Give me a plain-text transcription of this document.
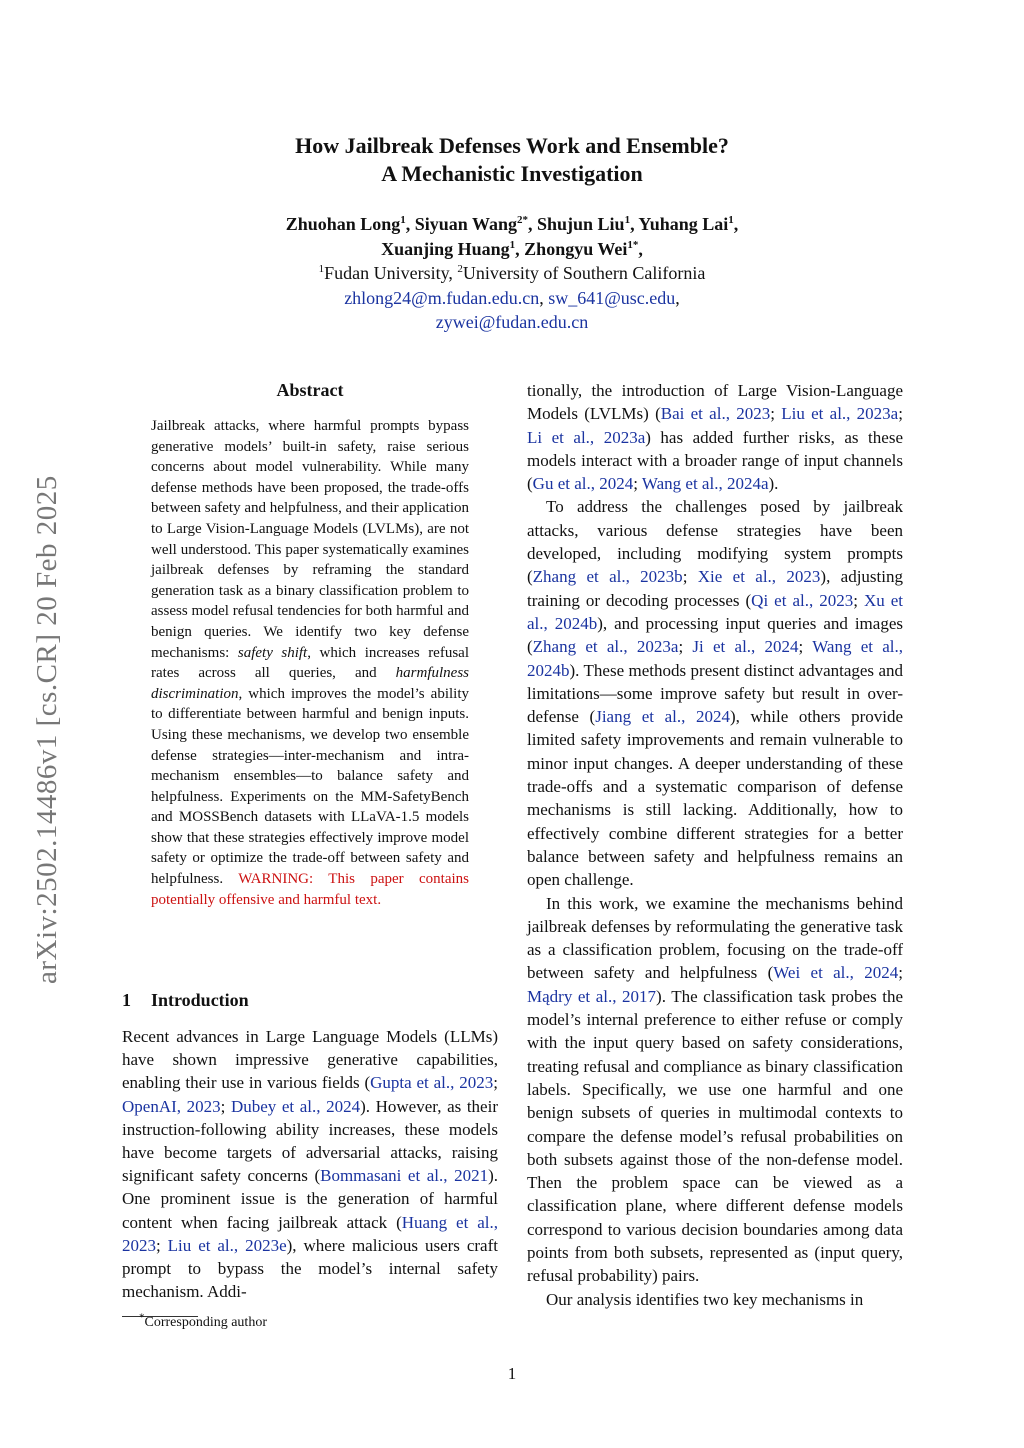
arXiv:2502.14486v1 [cs.CR] 20 Feb 2025
How Jailbreak Defenses Work and Ensemble?
A Mechanistic Investigation
Zhuohan Long$^1$, Siyuan Wang$^{2*}$, Shujun Liu$^1$, Yuhang Lai$^1$,
Xuanjing Huang$^1$, Zhongyu Wei$^{1*}$,
$^1$Fudan University, $^2$University of Southern California
zhlong24@m.fudan.edu.cn, sw_641@usc.edu,
zywei@fudan.edu.cn
Abstract

Jailbreak attacks, where harmful prompts bypass generative models’ built-in safety, raise serious concerns about model vulnerability. While many defense methods have been proposed, the trade-offs between safety and helpfulness, and their application to Large Vision-Language Models (LVLMs), are not well understood. This paper systematically examines jailbreak defenses by reframing the standard generation task as a binary classification problem to assess model refusal tendencies for both harmful and benign queries. We identify two key defense mechanisms: safety shift, which increases refusal rates across all queries, and harmfulness discrimination, which improves the model’s ability to differentiate between harmful and benign inputs. Using these mechanisms, we develop two ensemble defense strategies—inter-mechanism and intra-mechanism ensembles—to balance safety and helpfulness. Experiments on the MM-SafetyBench and MOSSBench datasets with LLaVA-1.5 models show that these strategies effectively improve model safety or optimize the trade-off between safety and helpfulness. WARNING: This paper contains potentially offensive and harmful text.

1 Introduction

Recent advances in Large Language Models (LLMs) have shown impressive generative capabilities, enabling their use in various fields (Gupta et al., 2023; OpenAI, 2023; Dubey et al., 2024). However, as their instruction-following ability increases, these models have become targets of adversarial attacks, raising significant safety concerns (Bommasani et al., 2021). One prominent issue is the generation of harmful content when facing jailbreak attack (Huang et al., 2023; Liu et al., 2023e), where malicious users craft prompt to bypass the model’s internal safety mechanism. Addi-

tionally, the introduction of Large Vision-Language Models (LVLMs) (Bai et al., 2023; Liu et al., 2023a; Li et al., 2023a) has added further risks, as these models interact with a broader range of input channels (Gu et al., 2024; Wang et al., 2024a).

To address the challenges posed by jailbreak attacks, various defense strategies have been developed, including modifying system prompts (Zhang et al., 2023b; Xie et al., 2023), adjusting training or decoding processes (Qi et al., 2023; Xu et al., 2024b), and processing input queries and images (Zhang et al., 2023a; Ji et al., 2024; Wang et al., 2024b). These methods present distinct advantages and limitations—some improve safety but result in over-defense (Jiang et al., 2024), while others provide limited safety improvements and remain vulnerable to minor input changes. A deeper understanding of these trade-offs and a systematic comparison of defense mechanisms is still lacking. Additionally, how to effectively combine different strategies for a better balance between safety and helpfulness remains an open challenge.

In this work, we examine the mechanisms behind jailbreak defenses by reformulating the generative task as a classification problem, focusing on the trade-off between safety and helpfulness (Wei et al., 2024; Mądry et al., 2017). The classification task probes the model’s internal preference to either refuse or comply with the input query based on safety considerations, treating refusal and compliance as binary classification labels. Specifically, we use one harmful and one benign subsets of queries in multimodal contexts to compare the defense model’s refusal probabilities on both subsets against those of the non-defense model. Then the problem space can be viewed as a classification plane, where different defense models correspond to various decision boundaries among data points from both subsets, represented as (input query, refusal probability) pairs.

Our analysis identifies two key mechanisms in

*Corresponding author
1
